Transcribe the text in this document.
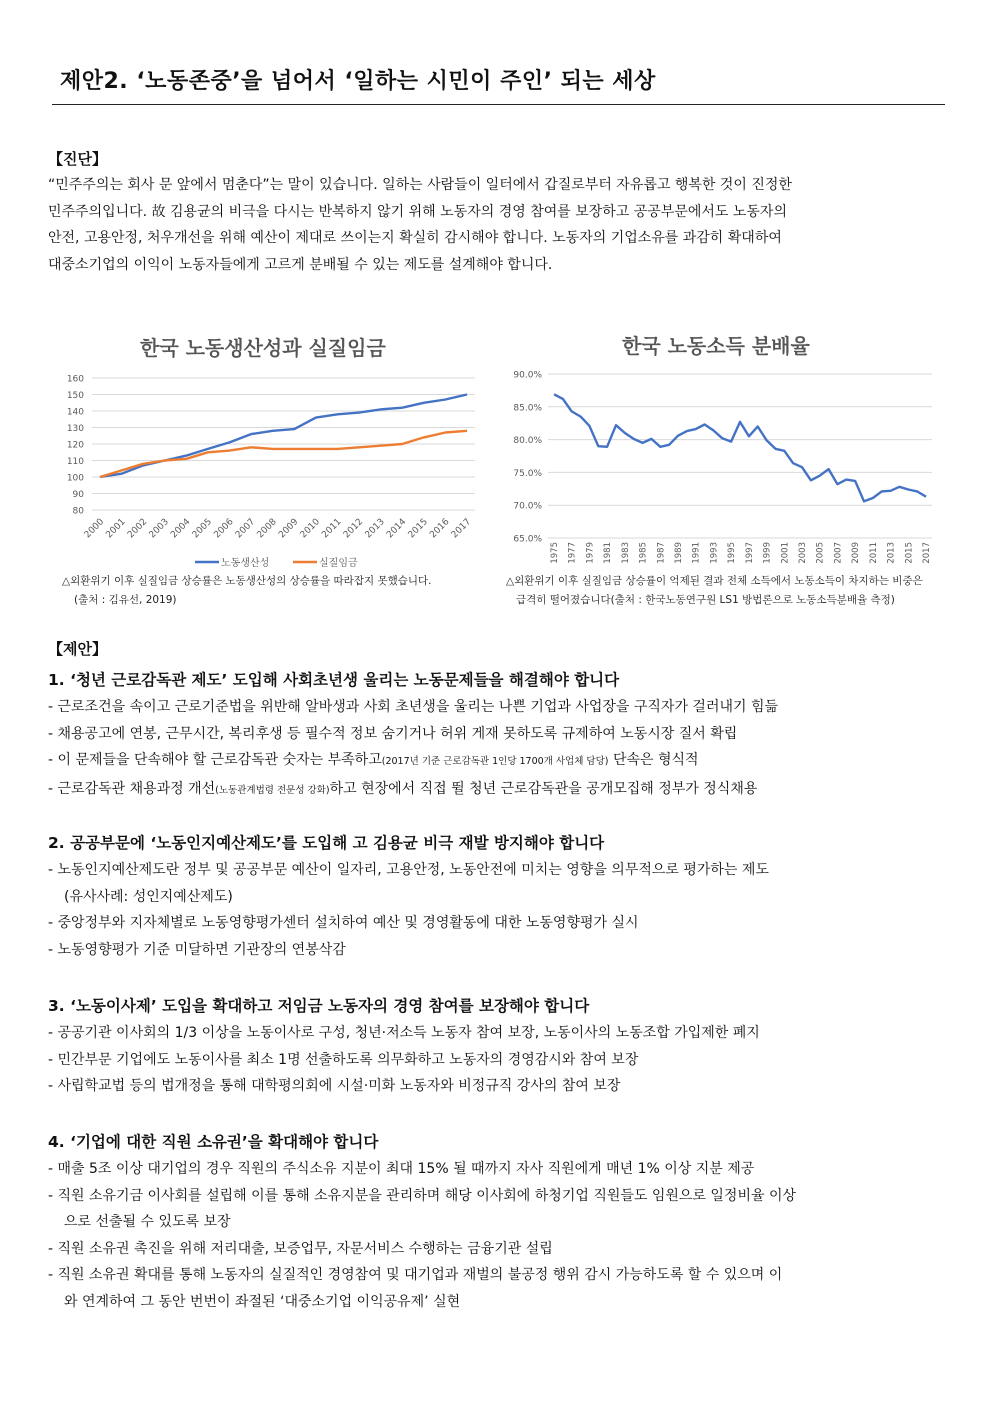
제안2. ‘노동존중’을 넘어서 ‘일하는 시민이 주인’ 되는 세상
【진단】
“민주주의는 회사 문 앞에서 멈춘다”는 말이 있습니다. 일하는 사람들이 일터에서 갑질로부터 자유롭고 행복한 것이 진정한
민주주의입니다. 故 김용균의 비극을 다시는 반복하지 않기 위해 노동자의 경영 참여를 보장하고 공공부문에서도 노동자의
안전, 고용안정, 처우개선을 위해 예산이 제대로 쓰이는지 확실히 감시해야 합니다. 노동자의 기업소유를 과감히 확대하여
대중소기업의 이익이 노동자들에게 고르게 분배될 수 있는 제도를 설계해야 합니다.
한국 노동생산성과 실질임금
80
90
100
110
120
130
140
150
160
2000
2001
2002
2003
2004
2005
2006
2007
2008
2009
2010
2011
2012
2013
2014
2015
2016
2017
노동생산성	실질임금
△외환위기 이후 실질임금 상승률은 노동생산성의 상승률을 따라잡지 못했습니다.
(출처 : 김유선, 2019)
한국 노동소득 분배율
65.0%
70.0%
75.0%
80.0%
85.0%
90.0%
1975 1977 1979 1981 1983 1985 1987 1989 1991 1993 1995 1997 1999 2001 2003 2005 2007 2009 2011 2013 2015 2017
△외환위기 이후 실질임금 상승률이 억제된 결과 전체 소득에서 노동소득이 차지하는 비중은
급격히 떨어졌습니다(출처 : 한국노동연구원 LS1 방법론으로 노동소득분배율 측정)
【제안】
1. ‘청년 근로감독관 제도’ 도입해 사회초년생 울리는 노동문제들을 해결해야 합니다
- 근로조건을 속이고 근로기준법을 위반해 알바생과 사회 초년생을 울리는 나쁜 기업과 사업장을 구직자가 걸러내기 힘듦
- 채용공고에 연봉, 근무시간, 복리후생 등 필수적 정보 숨기거나 허위 게재 못하도록 규제하여 노동시장 질서 확립
- 이 문제들을 단속해야 할 근로감독관 숫자는 부족하고(2017년 기준 근로감독관 1인당 1700개 사업체 담당) 단속은 형식적
- 근로감독관 채용과정 개선(노동관계법령 전문성 강화)하고 현장에서 직접 뛸 청년 근로감독관을 공개모집해 정부가 정식채용
2. 공공부문에 ‘노동인지예산제도’를 도입해 고 김용균 비극 재발 방지해야 합니다
- 노동인지예산제도란 정부 및 공공부문 예산이 일자리, 고용안정, 노동안전에 미치는 영향을 의무적으로 평가하는 제도
(유사사례: 성인지예산제도)
- 중앙정부와 지자체별로 노동영향평가센터 설치하여 예산 및 경영활동에 대한 노동영향평가 실시
- 노동영향평가 기준 미달하면 기관장의 연봉삭감
3. ‘노동이사제’ 도입을 확대하고 저임금 노동자의 경영 참여를 보장해야 합니다
- 공공기관 이사회의 1/3 이상을 노동이사로 구성, 청년·저소득 노동자 참여 보장, 노동이사의 노동조합 가입제한 폐지
- 민간부문 기업에도 노동이사를 최소 1명 선출하도록 의무화하고 노동자의 경영감시와 참여 보장
- 사립학교법 등의 법개정을 통해 대학평의회에 시설·미화 노동자와 비정규직 강사의 참여 보장
4. ‘기업에 대한 직원 소유권’을 확대해야 합니다
- 매출 5조 이상 대기업의 경우 직원의 주식소유 지분이 최대 15% 될 때까지 자사 직원에게 매년 1% 이상 지분 제공
- 직원 소유기금 이사회를 설립해 이를 통해 소유지분을 관리하며 해당 이사회에 하청기업 직원들도 임원으로 일정비율 이상
으로 선출될 수 있도록 보장
- 직원 소유권 촉진을 위해 저리대출, 보증업무, 자문서비스 수행하는 금융기관 설립
- 직원 소유권 확대를 통해 노동자의 실질적인 경영참여 및 대기업과 재벌의 불공정 행위 감시 가능하도록 할 수 있으며 이
와 연계하여 그 동안 번번이 좌절된 ‘대중소기업 이익공유제’ 실현
